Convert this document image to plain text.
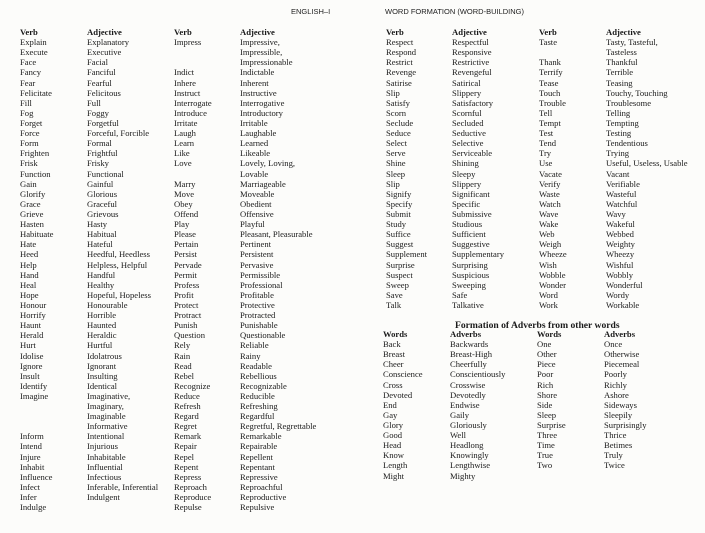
ENGLISH–I	WORD FORMATION (WORD-BUILDING)
Verb
Explain
Execute
Face
Fancy
Fear
Felicitate
Fill
Fog
Forget
Force
Form
Frighten
Frisk
Function
Gain
Glorify
Grace
Grieve
Hasten
Habituate
Hate
Heed
Help
Hand
Heal
Hope
Honour
Horrify
Haunt
Herald
Hurt
Idolise
Ignore
Insult
Identify
Imagine
Inform
Intend
Injure
Inhabit
Influence
Infect
Infer
Indulge
Adjective
Explanatory
Executive
Facial
Fanciful
Fearful
Felicitous
Full
Foggy
Forgetful
Forceful, Forcible
Formal
Frightful
Frisky
Functional
Gainful
Glorious
Graceful
Grievous
Hasty
Habitual
Hateful
Heedful, Heedless
Helpless, Helpful
Handful
Healthy
Hopeful, Hopeless
Honourable
Horrible
Haunted
Heraldic
Hurtful
Idolatrous
Ignorant
Insulting
Identical
Imaginative,
Imaginary,
Imaginable
Informative
Intentional
Injurious
Inhabitable
Influential
Infectious
Inferable, Inferential
Indulgent
Verb
Impress
Indict
Inhere
Instruct
Interrogate
Introduce
Irritate
Laugh
Learn
Like
Love
Marry
Move
Obey
Offend
Play
Please
Pertain
Persist
Pervade
Permit
Profess
Profit
Protect
Protract
Punish
Question
Rely
Rain
Read
Rebel
Recognize
Reduce
Refresh
Regard
Regret
Remark
Repair
Repel
Repent
Repress
Reproach
Reproduce
Repulse
Adjective
Impressive,
Impressible,
Impressionable
Indictable
Inherent
Instructive
Interrogative
Introductory
Irritable
Laughable
Learned
Likeable
Lovely, Loving,
Lovable
Marriageable
Moveable
Obedient
Offensive
Playful
Pleasant, Pleasurable
Pertinent
Persistent
Pervasive
Permissible
Professional
Profitable
Protective
Protracted
Punishable
Questionable
Reliable
Rainy
Readable
Rebellious
Recognizable
Reducible
Refreshing
Regardful
Regretful, Regrettable
Remarkable
Repairable
Repellent
Repentant
Repressive
Reproachful
Reproductive
Repulsive
Verb
Respect
Respond
Restrict
Revenge
Satirise
Slip
Satisfy
Scorn
Seclude
Seduce
Select
Serve
Shine
Sleep
Slip
Signify
Specify
Submit
Study
Suffice
Suggest
Supplement
Surprise
Suspect
Sweep
Save
Talk
Adjective
Respectful
Responsive
Restrictive
Revengeful
Satirical
Slippery
Satisfactory
Scornful
Secluded
Seductive
Selective
Serviceable
Shining
Sleepy
Slippery
Significant
Specific
Submissive
Studious
Sufficient
Suggestive
Supplementary
Surprising
Suspicious
Sweeping
Safe
Talkative
Verb
Taste
Thank
Terrify
Tease
Touch
Trouble
Tell
Tempt
Test
Tend
Try
Use
Vacate
Verify
Waste
Watch
Wave
Wake
Web
Weigh
Wheeze
Wish
Wobble
Wonder
Word
Work
Adjective
Tasty, Tasteful,
Tasteless
Thankful
Terrible
Teasing
Touchy, Touching
Troublesome
Telling
Tempting
Testing
Tendentious
Trying
Useful, Useless, Usable
Vacant
Verifiable
Wasteful
Watchful
Wavy
Wakeful
Webbed
Weighty
Wheezy
Wishful
Wobbly
Wonderful
Wordy
Workable
Formation of Adverbs from other words
Words
Back
Breast
Cheer
Conscience
Cross
Devoted
End
Gay
Glory
Good
Head
Know
Length
Might
Adverbs
Backwards
Breast-High
Cheerfully
Conscientiously
Crosswise
Devotedly
Endwise
Gaily
Gloriously
Well
Headlong
Knowingly
Lengthwise
Mighty
Words
One
Other
Piece
Poor
Rich
Shore
Side
Sleep
Surprise
Three
Time
True
Two
Adverbs
Once
Otherwise
Piecemeal
Poorly
Richly
Ashore
Sideways
Sleepily
Surprisingly
Thrice
Betimes
Truly
Twice
